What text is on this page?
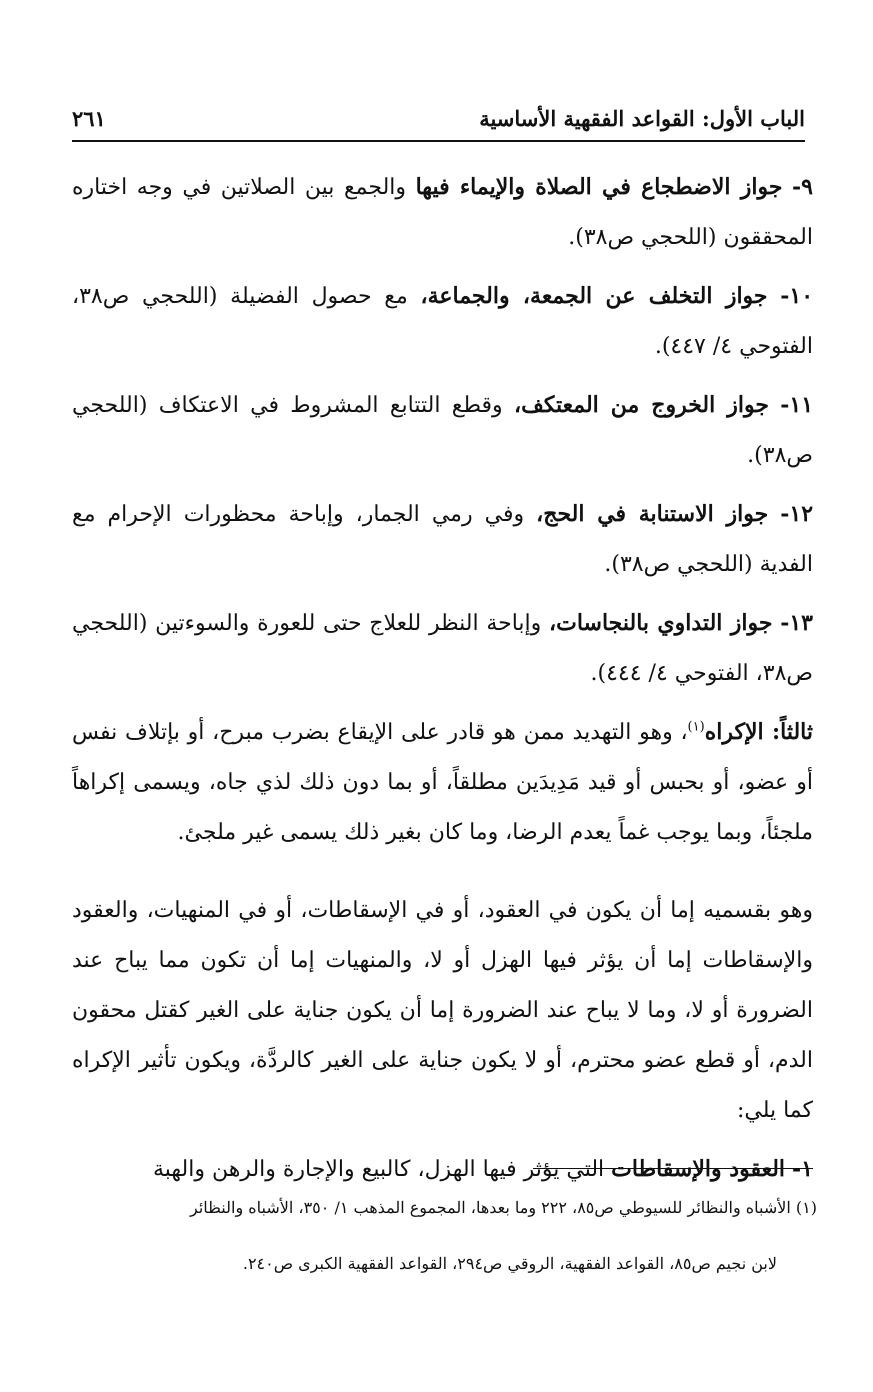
الباب الأول: القواعد الفقهية الأساسية
٢٦١

٩- جواز الاضطجاع في الصلاة والإيماء فيها والجمع بين الصلاتين في وجه اختاره المحققون (اللحجي ص٣٨).

١٠- جواز التخلف عن الجمعة، والجماعة، مع حصول الفضيلة (اللحجي ص٣٨، الفتوحي ٤/ ٤٤٧).

١١- جواز الخروج من المعتكف، وقطع التتابع المشروط في الاعتكاف (اللحجي ص٣٨).

١٢- جواز الاستنابة في الحج، وفي رمي الجمار، وإباحة محظورات الإحرام مع الفدية (اللحجي ص٣٨).

١٣- جواز التداوي بالنجاسات، وإباحة النظر للعلاج حتى للعورة والسوءتين (اللحجي ص٣٨، الفتوحي ٤/ ٤٤٤).

ثالثاً: الإكراه$^{(١)}$، وهو التهديد ممن هو قادر على الإيقاع بضرب مبرح، أو بإتلاف نفس أو عضو، أو بحبس أو قيد مَدِيدَين مطلقاً، أو بما دون ذلك لذي جاه، ويسمى إكراهاً ملجئاً، وبما يوجب غماً يعدم الرضا، وما كان بغير ذلك يسمى غير ملجئ.

وهو بقسميه إما أن يكون في العقود، أو في الإسقاطات، أو في المنهيات، والعقود والإسقاطات إما أن يؤثر فيها الهزل أو لا، والمنهيات إما أن تكون مما يباح عند الضرورة أو لا، وما لا يباح عند الضرورة إما أن يكون جناية على الغير كقتل محقون الدم، أو قطع عضو محترم، أو لا يكون جناية على الغير كالردَّة، ويكون تأثير الإكراه كما يلي:

١- العقود والإسقاطات التي يؤثر فيها الهزل، كالبيع والإجارة والرهن والهبة

(١) الأشباه والنظائر للسيوطي ص٨٥، ٢٢٢ وما بعدها، المجموع المذهب ١/ ٣٥٠، الأشباه والنظائر
لابن نجيم ص٨٥، القواعد الفقهية، الروقي ص٢٩٤، القواعد الفقهية الكبرى ص٢٤٠.
